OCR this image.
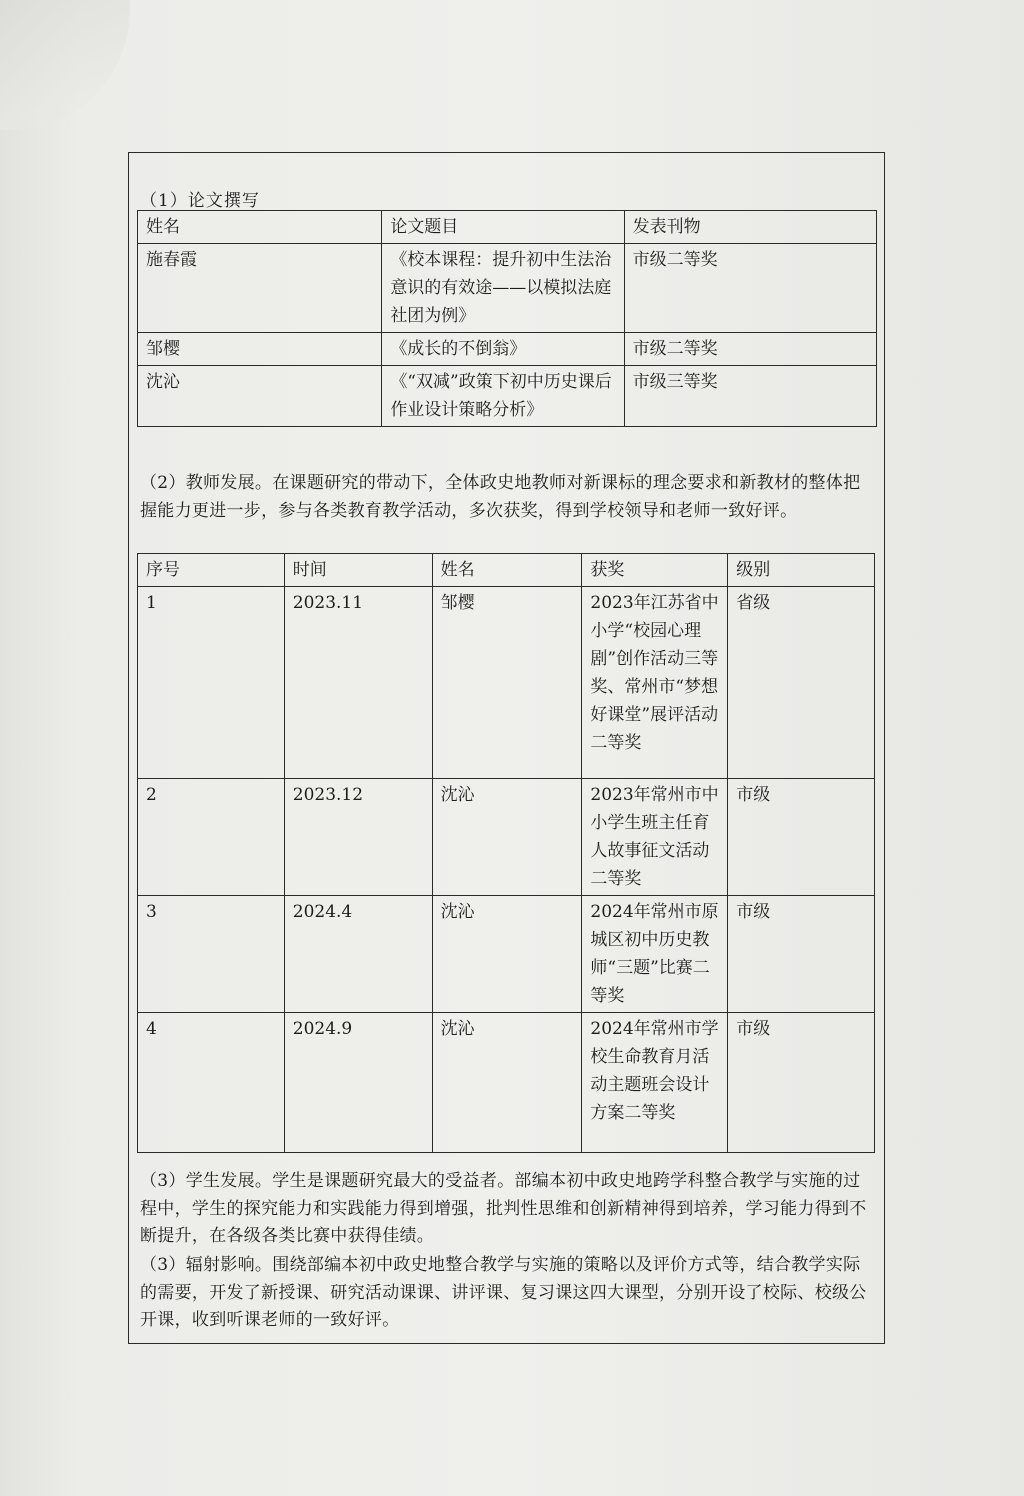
（1）论文撰写
姓名	论文题目	发表刊物
施春霞	《校本课程：提升初中生法治意识的有效途——以模拟法庭社团为例》	市级二等奖
邹樱	《成长的不倒翁》	市级二等奖
沈沁	《“双减”政策下初中历史课后作业设计策略分析》	市级三等奖
（2）教师发展。在课题研究的带动下，全体政史地教师对新课标的理念要求和新教材的整体把握能力更进一步，参与各类教育教学活动，多次获奖，得到学校领导和老师一致好评。
序号	时间	姓名	获奖	级别
1	2023.11	邹樱	2023年江苏省中小学“校园心理剧”创作活动三等奖、常州市“梦想好课堂”展评活动二等奖	省级
2	2023.12	沈沁	2023年常州市中小学生班主任育人故事征文活动二等奖	市级
3	2024.4	沈沁	2024年常州市原城区初中历史教师“三题”比赛二等奖	市级
4	2024.9	沈沁	2024年常州市学校生命教育月活动主题班会设计方案二等奖	市级
（3）学生发展。学生是课题研究最大的受益者。部编本初中政史地跨学科整合教学与实施的过程中，学生的探究能力和实践能力得到增强，批判性思维和创新精神得到培养，学习能力得到不断提升，在各级各类比赛中获得佳绩。
（3）辐射影响。围绕部编本初中政史地整合教学与实施的策略以及评价方式等，结合教学实际的需要，开发了新授课、研究活动课课、讲评课、复习课这四大课型，分别开设了校际、校级公开课，收到听课老师的一致好评。
